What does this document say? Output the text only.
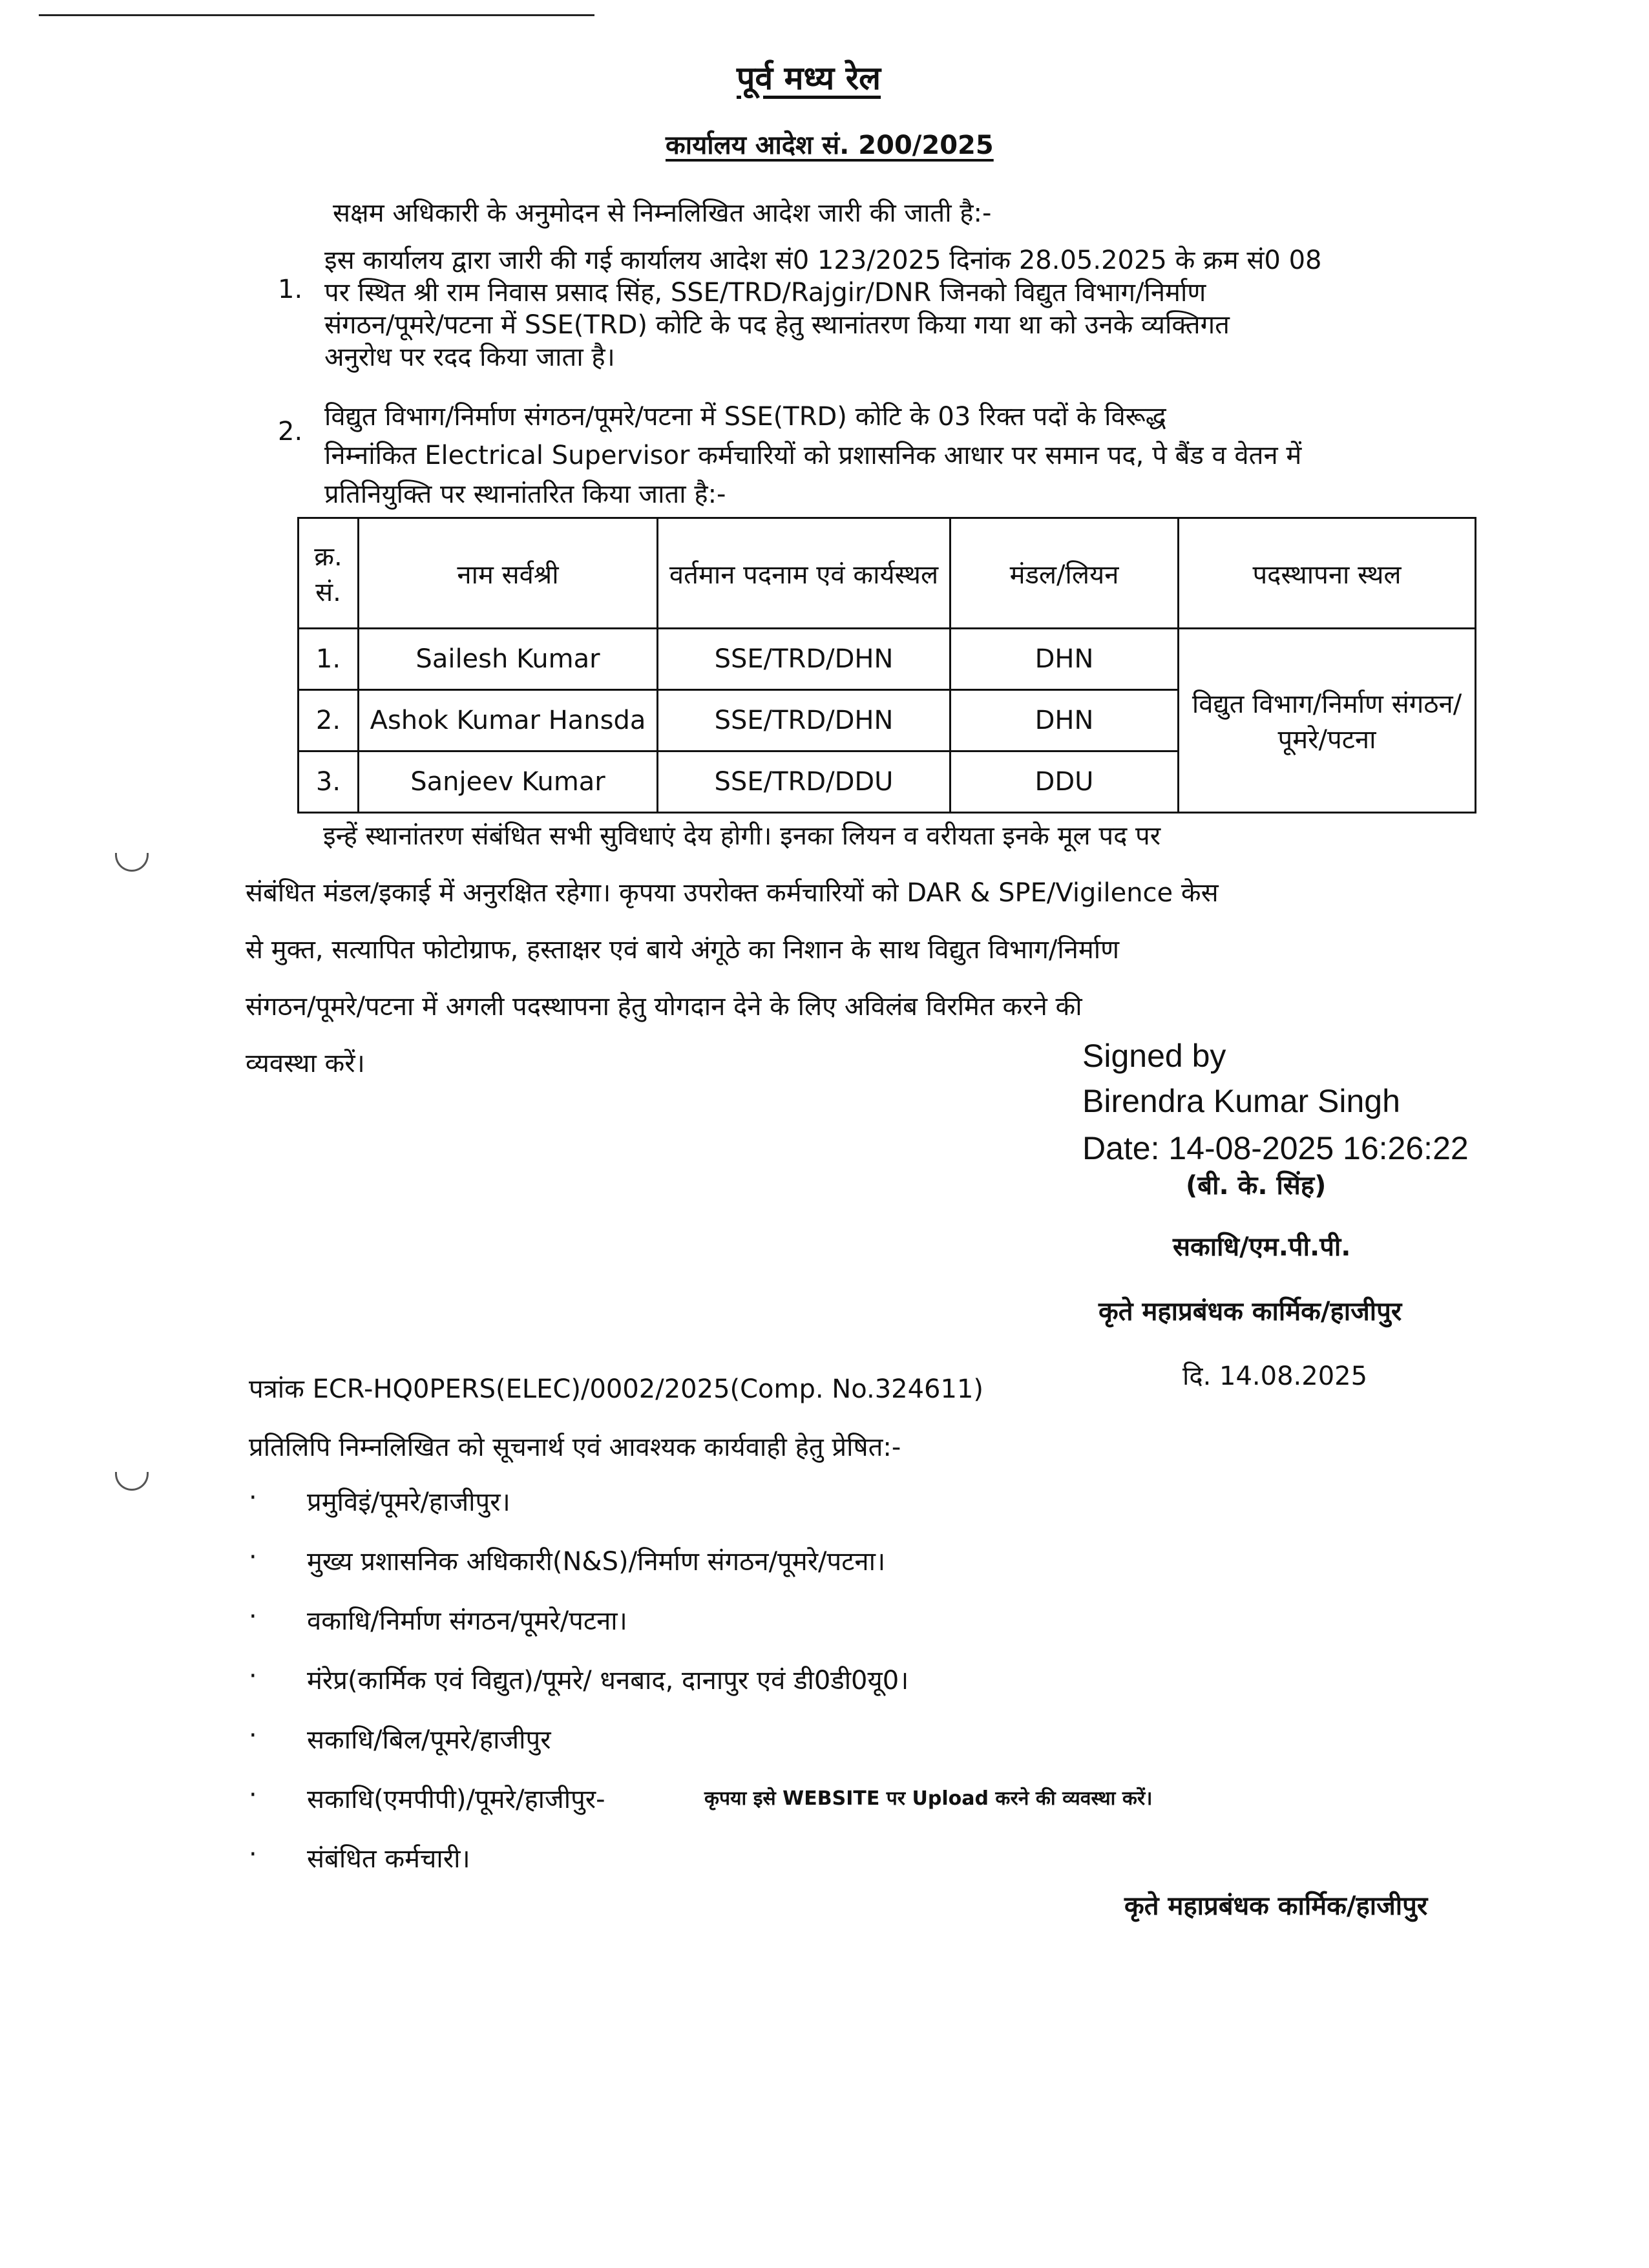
पूर्व मध्य रेल
कार्यालय आदेश सं. 200/2025
सक्षम अधिकारी के अनुमोदन से निम्नलिखित आदेश जारी की जाती है:-
1.
इस कार्यालय द्वारा जारी की गई कार्यालय आदेश सं0 123/2025 दिनांक 28.05.2025 के क्रम सं0 08
पर स्थित श्री राम निवास प्रसाद सिंह, SSE/TRD/Rajgir/DNR जिनको विद्युत विभाग/निर्माण
संगठन/पूमरे/पटना में SSE(TRD) कोटि के पद हेतु स्थानांतरण किया गया था को उनके व्यक्तिगत
अनुरोध पर रदद किया जाता है।
2. विद्युत विभाग/निर्माण संगठन/पूमरे/पटना में SSE(TRD) कोटि के 03 रिक्त पदों के विरूद्ध
निम्नांकित Electrical Supervisor कर्मचारियों को प्रशासनिक आधार पर समान पद, पे बैंड व वेतन में
प्रतिनियुक्ति पर स्थानांतरित किया जाता है:-
क्र. सं.	नाम सर्वश्री	वर्तमान पदनाम एवं कार्यस्थल	मंडल/लियन	पदस्थापना स्थल
1.	Sailesh Kumar	SSE/TRD/DHN	DHN	विद्युत विभाग/निर्माण संगठन/पूमरे/पटना
2.	Ashok Kumar Hansda	SSE/TRD/DHN	DHN	
3.	Sanjeev Kumar	SSE/TRD/DDU	DDU	
इन्हें स्थानांतरण संबंधित सभी सुविधाएं देय होगी। इनका लियन व वरीयता इनके मूल पद पर
संबंधित मंडल/इकाई में अनुरक्षित रहेगा। कृपया उपरोक्त कर्मचारियों को DAR & SPE/Vigilence केस
से मुक्त, सत्यापित फोटोग्राफ, हस्ताक्षर एवं बाये अंगूठे का निशान के साथ विद्युत विभाग/निर्माण
संगठन/पूमरे/पटना में अगली पदस्थापना हेतु योगदान देने के लिए अविलंब विरमित करने की
व्यवस्था करें।	Signed by
Birendra Kumar Singh
Date: 14-08-2025 16:26:22
(बी. के. सिंह)
सकाधि/एम.पी.पी.
कृते महाप्रबंधक कार्मिक/हाजीपुर
पत्रांक ECR-HQ0PERS(ELEC)/0002/2025(Comp. No.324611)	दि. 14.08.2025
प्रतिलिपि निम्नलिखित को सूचनार्थ एवं आवश्यक कार्यवाही हेतु प्रेषित:-
· प्रमुविइं/पूमरे/हाजीपुर।
· मुख्य प्रशासनिक अधिकारी(N&S)/निर्माण संगठन/पूमरे/पटना।
· वकाधि/निर्माण संगठन/पूमरे/पटना।
· मंरेप्र(कार्मिक एवं विद्युत)/पूमरे/ धनबाद, दानापुर एवं डी0डी0यू0।
· सकाधि/बिल/पूमरे/हाजीपुर
· सकाधि(एमपीपी)/पूमरे/हाजीपुर-	कृपया इसे WEBSITE पर Upload करने की व्यवस्था करें।
· संबंधित कर्मचारी।
कृते महाप्रबंधक कार्मिक/हाजीपुर
